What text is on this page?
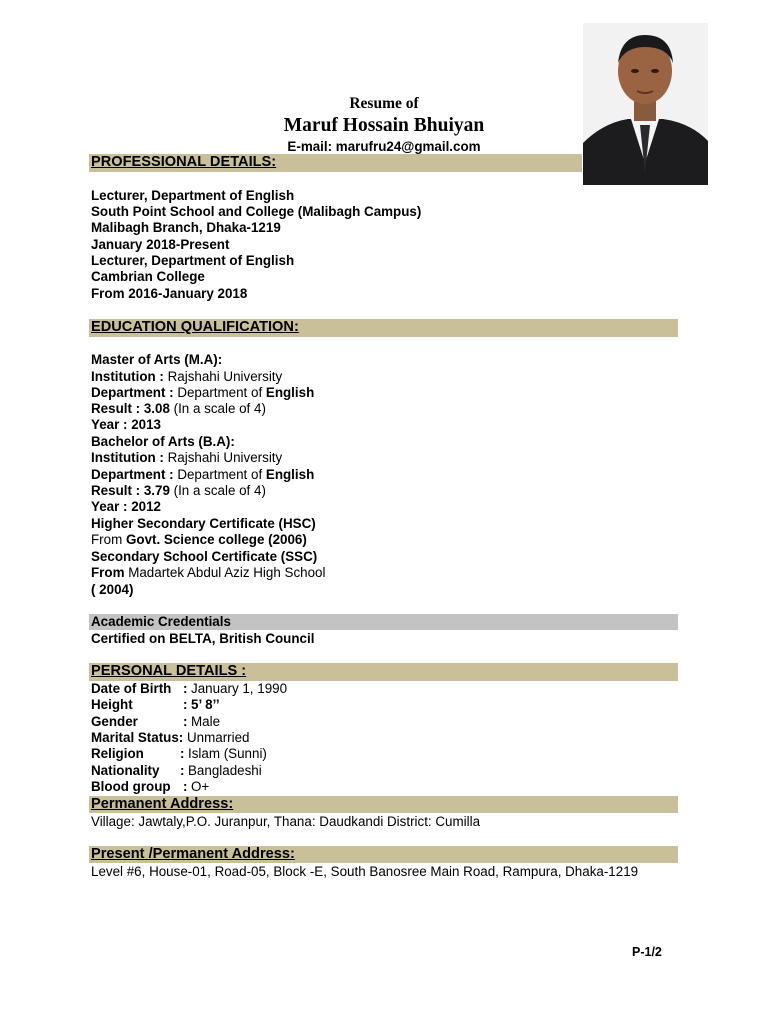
Resume of
Maruf Hossain Bhuiyan
E-mail: marufru24@gmail.com
PROFESSIONAL DETAILS:
Lecturer, Department of English
South Point School and College (Malibagh Campus)
Malibagh Branch, Dhaka-1219
January 2018-Present
Lecturer, Department of English
Cambrian College
From 2016-January 2018
EDUCATION QUALIFICATION:
Master of Arts (M.A):
Institution : Rajshahi University
Department : Department of English
Result : 3.08 (In a scale of 4)
Year : 2013
Bachelor of Arts (B.A):
Institution : Rajshahi University
Department : Department of English
Result : 3.79 (In a scale of 4)
Year : 2012
Higher Secondary Certificate (HSC)
From Govt. Science college (2006)
Secondary School Certificate (SSC)
From Madartek Abdul Aziz High School
( 2004)
Academic Credentials
Certified on BELTA, British Council
PERSONAL DETAILS :
Date of Birth : January 1, 1990
Height	: 5’ 8’’
Gender	: Male
Marital Status: Unmarried
Religion	: Islam (Sunni)
Nationality : Bangladeshi
Blood group : O+
Permanent Address:
Village: Jawtaly,P.O. Juranpur, Thana: Daudkandi District: Cumilla
Present /Permanent Address:
Level #6, House-01, Road-05, Block -E, South Banosree Main Road, Rampura, Dhaka-1219
P-1/2
